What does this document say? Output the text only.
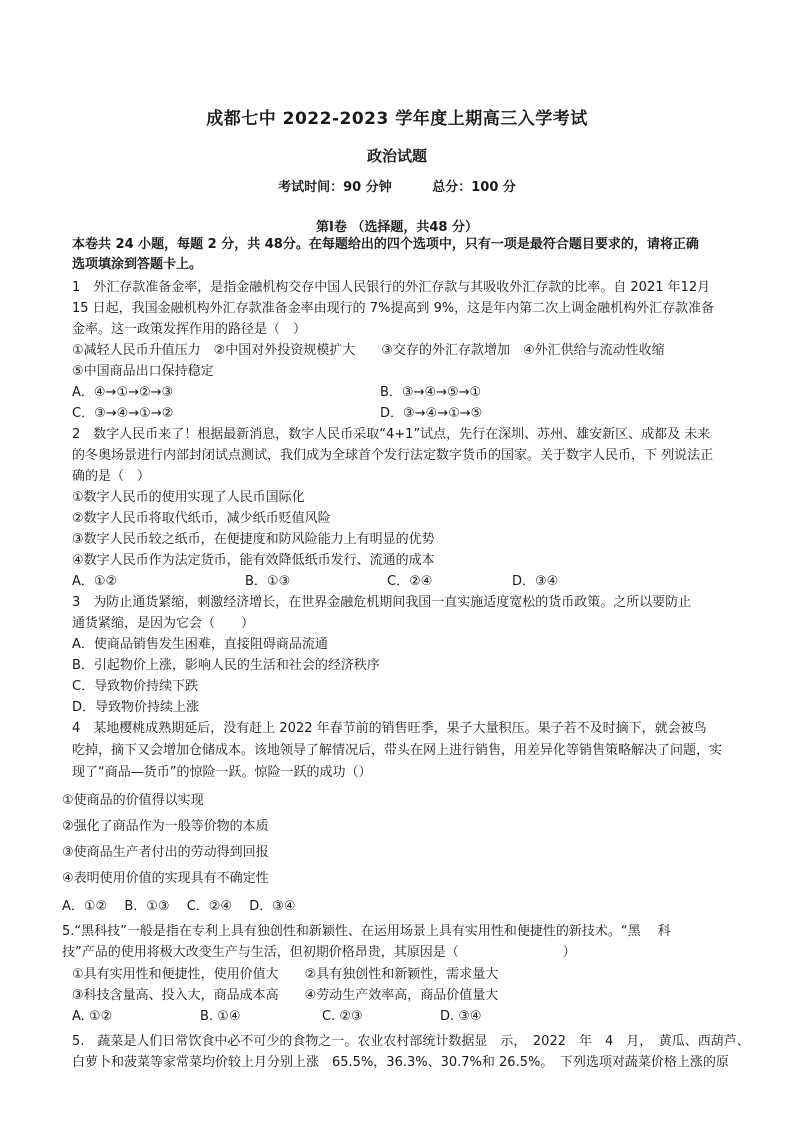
成都七中 2022-2023 学年度上期高三入学考试
政治试题
考试时间：90 分钟	总分：100 分
第Ⅰ卷 （选择题，共48 分）
本卷共 24 小题，每题 2 分，共 48分。在每题给出的四个选项中，只有一项是最符合题目要求的，请将正确
选项填涂到答题卡上。
1　外汇存款准备金率，是指金融机构交存中国人民银行的外汇存款与其吸收外汇存款的比率。自 2021 年12月
15 日起，我国金融机构外汇存款准备金率由现行的 7%提高到 9%，这是年内第二次上调金融机构外汇存款准备
金率。这一政策发挥作用的路径是（　）
①减轻人民币升值压力　②中国对外投资规模扩大　　③交存的外汇存款增加　④外汇供给与流动性收缩
⑤中国商品出口保持稳定
A．④→①→②→③	B．③→④→⑤→①
C．③→④→①→②	D．③→④→①→⑤
2　数字人民币来了！根据最新消息，数字人民币采取“4+1”试点，先行在深圳、苏州、雄安新区、成都及 未来
的冬奥场景进行内部封闭试点测试，我们成为全球首个发行法定数字货币的国家。关于数字人民币，下 列说法正
确的是（　）
①数字人民币的使用实现了人民币国际化
②数字人民币将取代纸币，减少纸币贬值风险
③数字人民币较之纸币，在便捷度和防风险能力上有明显的优势
④数字人民币作为法定货币，能有效降低纸币发行、流通的成本
A．①②	B．①③	C．②④	D．③④
3　为防止通货紧缩，刺激经济增长，在世界金融危机期间我国一直实施适度宽松的货币政策。之所以要防止
通货紧缩，是因为它会（　　）
A．使商品销售发生困难，直接阻碍商品流通
B．引起物价上涨，影响人民的生活和社会的经济秩序
C．导致物价持续下跌
D．导致物价持续上涨
4　某地樱桃成熟期延后，没有赶上 2022 年春节前的销售旺季，果子大量积压。果子若不及时摘下，就会被鸟
吃掉，摘下又会增加仓储成本。该地领导了解情况后，带头在网上进行销售，用差异化等销售策略解决了问题，实
现了“商品—货币”的惊险一跃。惊险一跃的成功（）
①使商品的价值得以实现
②强化了商品作为一般等价物的本质
③使商品生产者付出的劳动得到回报
④表明使用价值的实现具有不确定性
A．①②　 B．①③　 C．②④　 D．③④
5.“黑科技”一般是指在专利上具有独创性和新颖性、在运用场景上具有实用性和便捷性的新技术。“黑　 科
技”产品的使用将极大改变生产与生活，但初期价格昂贵，其原因是（　　　　　　　　）
①具有实用性和便捷性，使用价值大　　②具有独创性和新颖性，需求量大
③科技含量高、投入大，商品成本高　　④劳动生产效率高，商品价值量大
A. ①②	B. ①④	C. ②③	D. ③④
5.　蔬菜是人们日常饮食中必不可少的食物之一。农业农村部统计数据显　示，　2022　年　4　月，　黄瓜、西葫芦、
白萝卜和菠菜等家常菜均价较上月分别上涨　65.5%，36.3%、30.7%和 26.5%。　下列选项对蔬菜价格上涨的原
